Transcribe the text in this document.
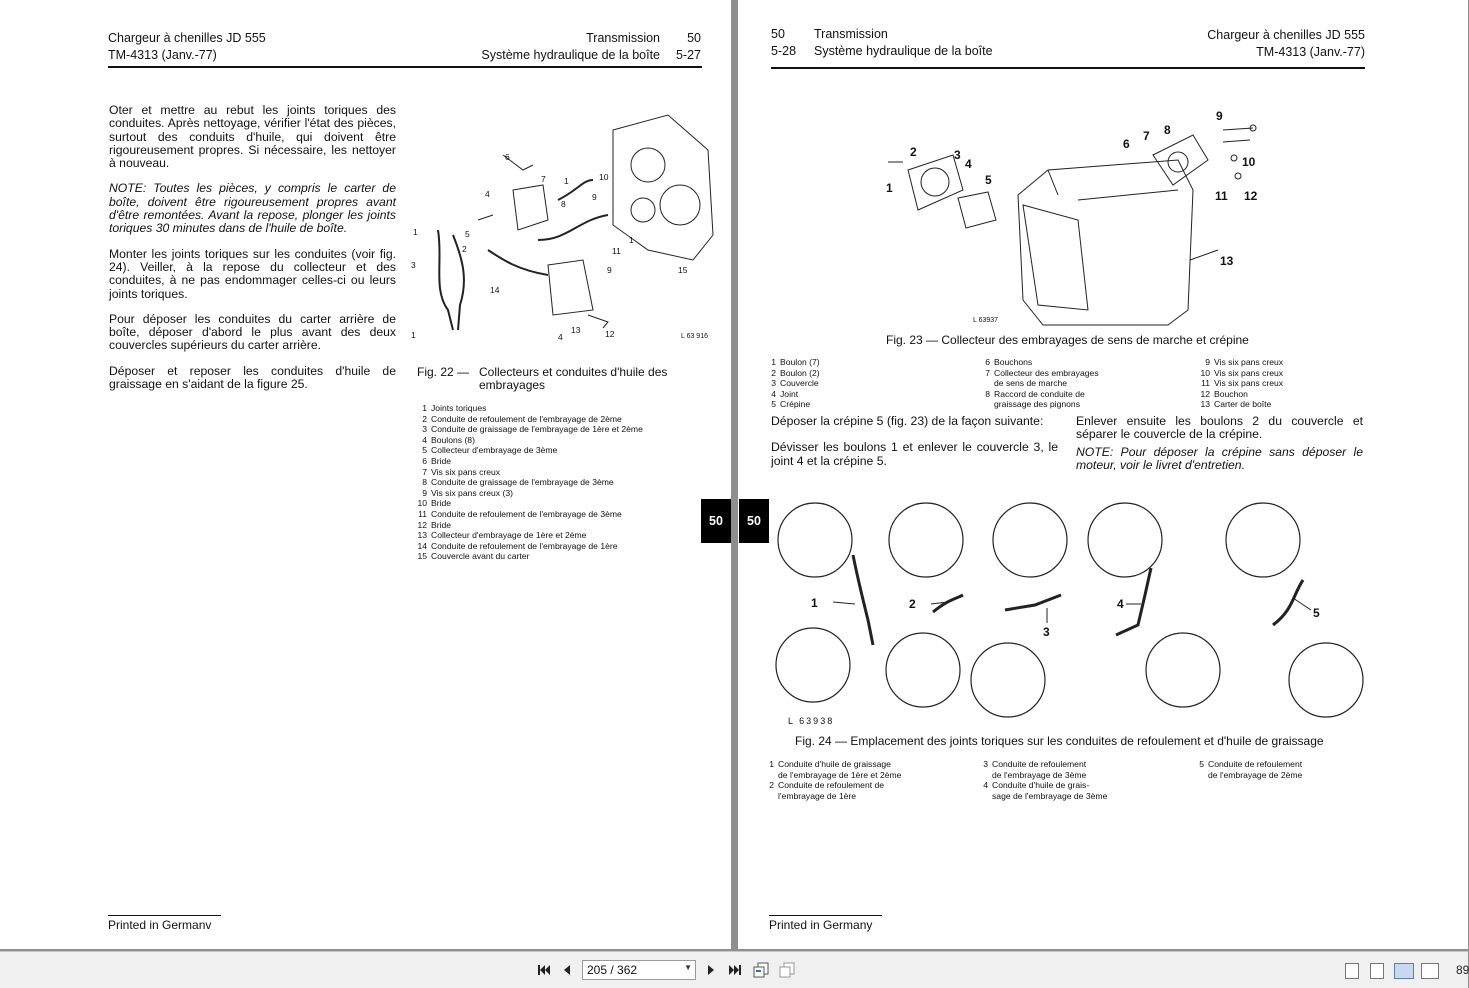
Chargeur à chenilles JD 555
TM-4313 (Janv.-77)
Transmission 50
Système hydraulique de la boîte 5-27

Oter et mettre au rebut les joints toriques des conduites. Après nettoyage, vérifier l'état des pièces, surtout des conduits d'huile, qui doivent être rigoureusement propres. Si nécessaire, les nettoyer à nouveau.

NOTE: Toutes les pièces, y compris le carter de boîte, doivent être rigoureusement propres avant d'être remontées. Avant la repose, plonger les joints toriques 30 minutes dans de l'huile de boîte.

Monter les joints toriques sur les conduites (voir fig. 24). Veiller, à la repose du collecteur et des conduites, à ne pas endommager celles-ci ou leurs joints toriques.

Pour déposer les conduites du carter arrière de boîte, déposer d'abord le plus avant des deux couvercles supérieurs du carter arrière.

Déposer et reposer les conduites d'huile de graissage en s'aidant de la figure 25.

6
7
4
10
1
8
9
1	5
2
3
1
11
15
9
14
13
4	12
1	L 63 916
Fig. 22 — Collecteurs et conduites d'huile des embrayages
1 Joints toriques
2 Conduite de refoulement de l'embrayage de 2ème
3 Conduite de graissage de l'embrayage de 1ère et 2ème
4 Boulons (8)
5 Collecteur d'embrayage de 3ème
6 Bride
7 Vis six pans creux
8 Conduite de graissage de l'embrayage de 3ème
9 Vis six pans creux (3)
10 Bride
11 Conduite de refoulement de l'embrayage de 3ème
12 Bride
13 Collecteur d'embrayage de 1ère et 2ème
14 Conduite de refoulement de l'embrayage de 1ère
15 Couvercle avant du carter
50
Printed in Germanv
50 Transmission
5-28 Système hydraulique de la boîte
Chargeur à chenilles JD 555
TM-4313 (Janv.-77)
1
2	3
4
5
6
7 8
9
10
11 12
13
L 63937
Fig. 23 — Collecteur des embrayages de sens de marche et crépine
1 Boulon (7)
2 Boulon (2)
3 Couvercle
4 Joint
5 Crépine
6 Bouchons
7 Collecteur des embrayages
de sens de marche
8 Raccord de conduite de
graissage des pignons
9 Vis six pans creux
10 Vis six pans creux
11 Vis six pans creux
12 Bouchon
13 Carter de boîte

Déposer la crépine 5 (fig. 23) de la façon suivante:

Dévisser les boulons 1 et enlever le couvercle 3, le joint 4 et la crépine 5.

Enlever ensuite les boulons 2 du couvercle et séparer le couvercle de la crépine.

NOTE: Pour déposer la crépine sans déposer le moteur, voir le livret d'entretien.

50
1	2
3
4
5
L 63938
Fig. 24 — Emplacement des joints toriques sur les conduites de refoulement et d'huile de graissage
1 Conduite d'huile de graissage
de l'embrayage de 1ère et 2ème
2 Conduite de refoulement de
l'embrayage de 1ère
3 Conduite de refoulement
de l'embrayage de 3ème
4 Conduite d'huile de grais-
sage de l'embrayage de 3ème
5 Conduite de refoulement
de l'embrayage de 2ème
Printed in Germany
205 / 362	▼	89
